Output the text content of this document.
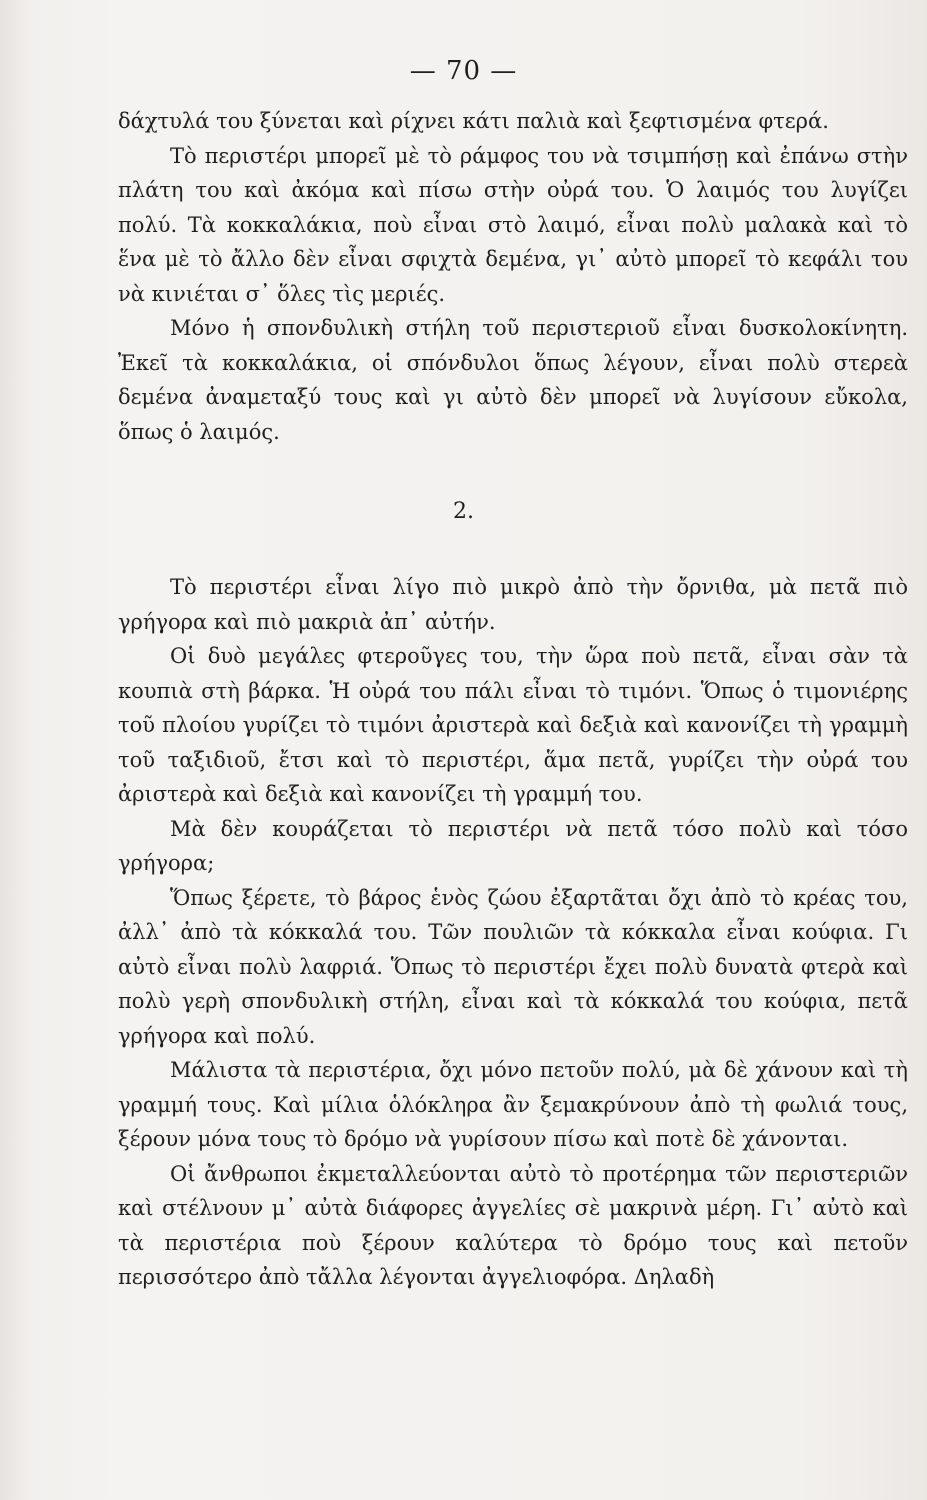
— 70 —

δάχτυλά του ξύνεται καὶ ρίχνει κάτι παλιὰ καὶ ξεφτισμένα φτερά.

Τὸ περιστέρι μπορεῖ μὲ τὸ ράμφος του νὰ τσιμπήσῃ καὶ ἐπάνω στὴν πλάτη του καὶ ἀκόμα καὶ πίσω στὴν οὐρά του. Ὁ λαιμός του λυγίζει πολύ. Τὰ κοκκαλάκια, ποὺ εἶναι στὸ λαιμό, εἶναι πολὺ μαλακὰ καὶ τὸ ἕνα μὲ τὸ ἄλλο δὲν εἶναι σφιχτὰ δεμένα, γι᾽ αὐτὸ μπορεῖ τὸ κεφάλι του νὰ κινιέται σ᾽ ὅλες τὶς μεριές.

Μόνο ἡ σπονδυλικὴ στήλη τοῦ περιστεριοῦ εἶναι δυσκολοκίνητη. Ἐκεῖ τὰ κοκκαλάκια, οἱ σπόνδυλοι ὅπως λέγουν, εἶναι πολὺ στερεὰ δεμένα ἀναμεταξύ τους καὶ γι αὐτὸ δὲν μπορεῖ νὰ λυγίσουν εὔκολα, ὅπως ὁ λαιμός.

2.

Τὸ περιστέρι εἶναι λίγο πιὸ μικρὸ ἀπὸ τὴν ὄρνιθα, μὰ πετᾶ πιὸ γρήγορα καὶ πιὸ μακριὰ ἀπ᾽ αὐτήν.

Οἱ δυὸ μεγάλες φτεροῦγες του, τὴν ὥρα ποὺ πετᾶ, εἶναι σὰν τὰ κουπιὰ στὴ βάρκα. Ἡ οὐρά του πάλι εἶναι τὸ τιμόνι. Ὅπως ὁ τιμονιέρης τοῦ πλοίου γυρίζει τὸ τιμόνι ἀριστερὰ καὶ δεξιὰ καὶ κανονίζει τὴ γραμμὴ τοῦ ταξιδιοῦ, ἔτσι καὶ τὸ περιστέρι, ἅμα πετᾶ, γυρίζει τὴν οὐρά του ἀριστερὰ καὶ δεξιὰ καὶ κανονίζει τὴ γραμμή του.

Μὰ δὲν κουράζεται τὸ περιστέρι νὰ πετᾶ τόσο πολὺ καὶ τόσο γρήγορα;

Ὅπως ξέρετε, τὸ βάρος ἑνὸς ζώου ἐξαρτᾶται ὄχι ἀπὸ τὸ κρέας του, ἀλλ᾽ ἀπὸ τὰ κόκκαλά του. Τῶν πουλιῶν τὰ κόκκαλα εἶναι κούφια. Γι αὐτὸ εἶναι πολὺ λαφριά. Ὅπως τὸ περιστέρι ἔχει πολὺ δυνατὰ φτερὰ καὶ πολὺ γερὴ σπονδυλικὴ στήλη, εἶναι καὶ τὰ κόκκαλά του κούφια, πετᾶ γρήγορα καὶ πολύ.

Μάλιστα τὰ περιστέρια, ὄχι μόνο πετοῦν πολύ, μὰ δὲ χάνουν καὶ τὴ γραμμή τους. Καὶ μίλια ὁλόκληρα ἂν ξεμακρύνουν ἀπὸ τὴ φωλιά τους, ξέρουν μόνα τους τὸ δρόμο νὰ γυρίσουν πίσω καὶ ποτὲ δὲ χάνονται.

Οἱ ἄνθρωποι ἐκμεταλλεύονται αὐτὸ τὸ προτέρημα τῶν περιστεριῶν καὶ στέλνουν μ᾽ αὐτὰ διάφορες ἀγγελίες σὲ μακρινὰ μέρη. Γι᾽ αὐτὸ καὶ τὰ περιστέρια ποὺ ξέρουν καλύτερα τὸ δρόμο τους καὶ πετοῦν περισσότερο ἀπὸ τἄλλα λέγονται ἀγγελιοφόρα. Δηλαδὴ
